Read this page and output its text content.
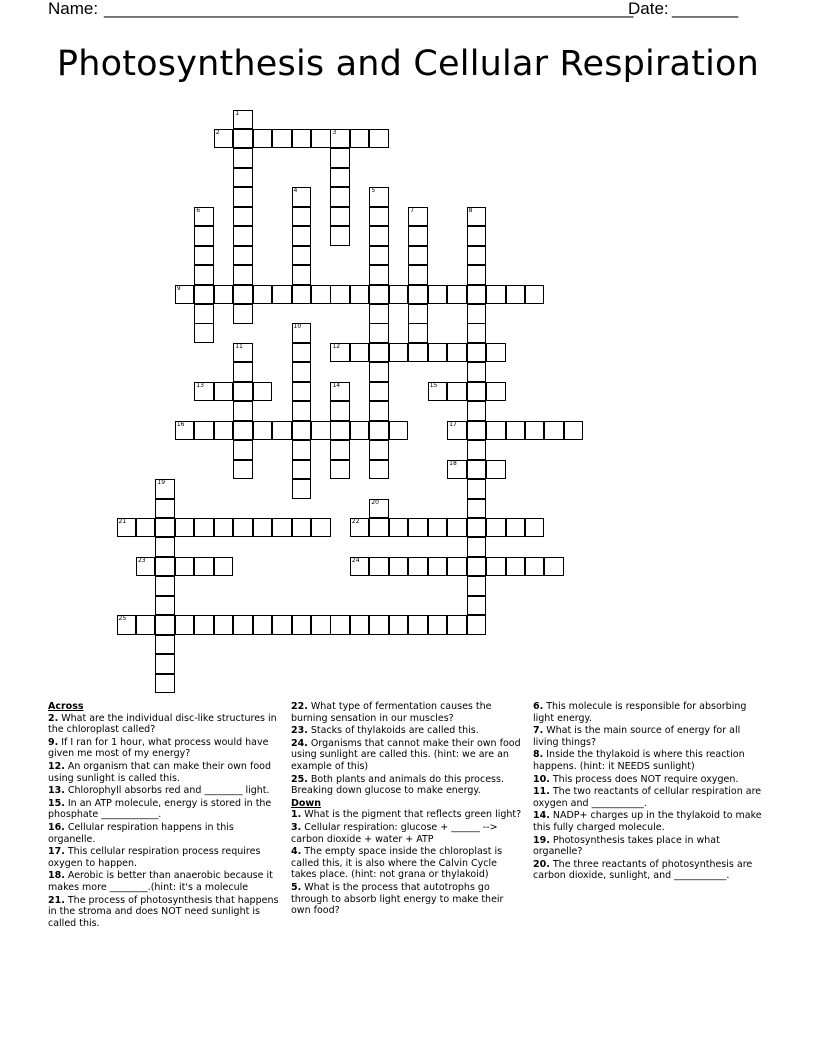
Name: ________________________________________________________
Date: _______
Photosynthesis and Cellular Respiration
1
2	3
4	5
6	7	8
9
10
11	12
13	14	15
16	17
18
19
20
21	22
23	24
25
Across
2. What are the individual disc-like structures in the chloroplast called?
9. If I ran for 1 hour, what process would have given me most of my energy?
12. An organism that can make their own food using sunlight is called this.
13. Chlorophyll absorbs red and ________ light.
15. In an ATP molecule, energy is stored in the phosphate ____________.
16. Cellular respiration happens in this organelle.
17. This cellular respiration process requires oxygen to happen.
18. Aerobic is better than anaerobic because it makes more ________.(hint: it's a molecule
21. The process of photosynthesis that happens in the stroma and does NOT need sunlight is called this.
22. What type of fermentation causes the burning sensation in our muscles?
23. Stacks of thylakoids are called this.
24. Organisms that cannot make their own food using sunlight are called this. (hint: we are an example of this)
25. Both plants and animals do this process. Breaking down glucose to make energy.
Down
1. What is the pigment that reflects green light?
3. Cellular respiration: glucose + ______ --> carbon dioxide + water + ATP
4. The empty space inside the chloroplast is called this, it is also where the Calvin Cycle takes place. (hint: not grana or thylakoid)
5. What is the process that autotrophs go through to absorb light energy to make their own food?
6. This molecule is responsible for absorbing light energy.
7. What is the main source of energy for all living things?
8. Inside the thylakoid is where this reaction happens. (hint: it NEEDS sunlight)
10. This process does NOT require oxygen.
11. The two reactants of cellular respiration are oxygen and ___________.
14. NADP+ charges up in the thylakoid to make this fully charged molecule.
19. Photosynthesis takes place in what organelle?
20. The three reactants of photosynthesis are carbon dioxide, sunlight, and ___________.
